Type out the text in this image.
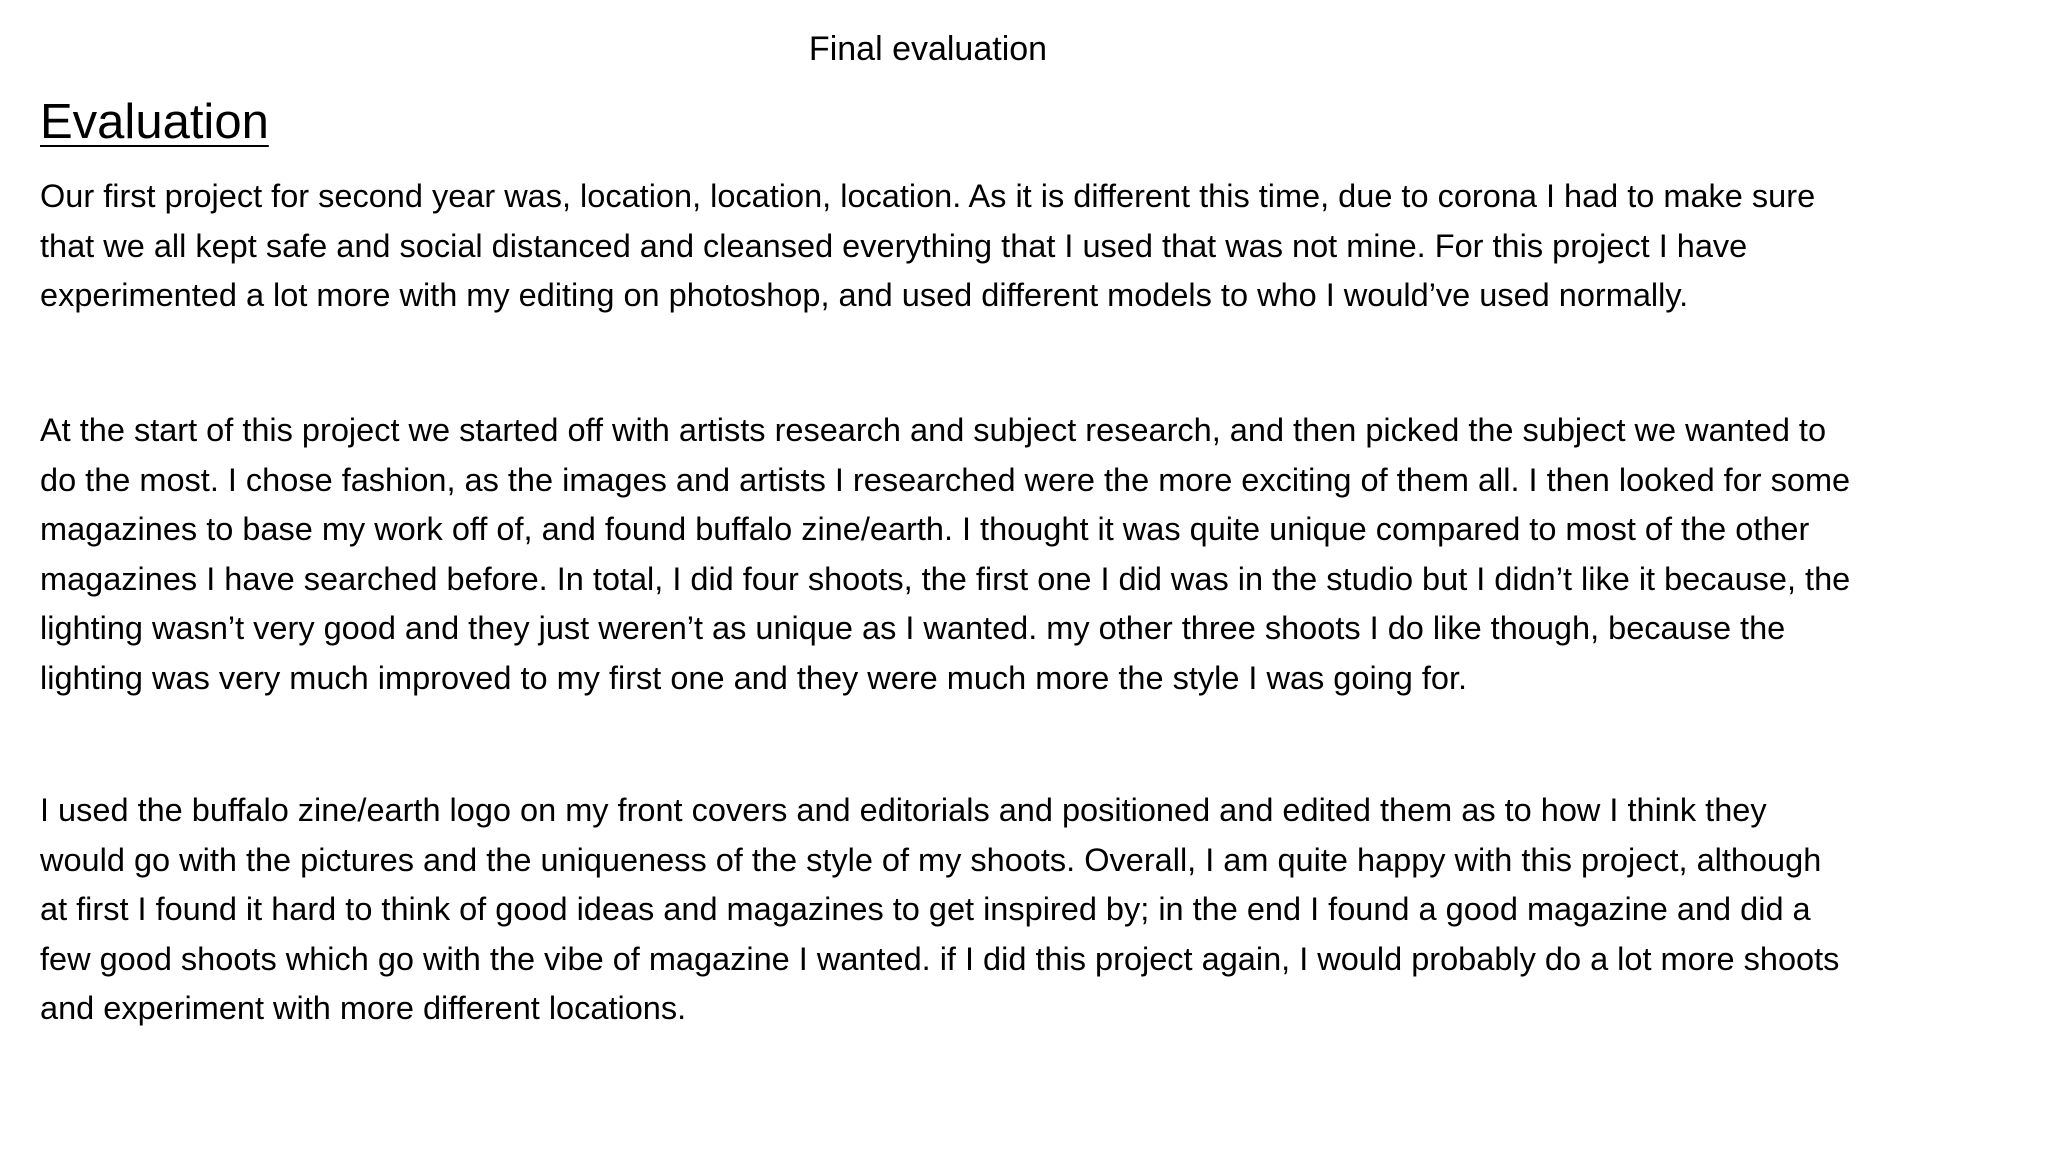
Final evaluation
Evaluation

Our first project for second year was, location, location, location. As it is different this time, due to corona I had to make sure
that we all kept safe and social distanced and cleansed everything that I used that was not mine. For this project I have
experimented a lot more with my editing on photoshop, and used different models to who I would’ve used normally.

At the start of this project we started off with artists research and subject research, and then picked the subject we wanted to
do the most. I chose fashion, as the images and artists I researched were the more exciting of them all. I then looked for some
magazines to base my work off of, and found buffalo zine/earth. I thought it was quite unique compared to most of the other
magazines I have searched before. In total, I did four shoots, the first one I did was in the studio but I didn’t like it because, the
lighting wasn’t very good and they just weren’t as unique as I wanted. my other three shoots I do like though, because the
lighting was very much improved to my first one and they were much more the style I was going for.

I used the buffalo zine/earth logo on my front covers and editorials and positioned and edited them as to how I think they
would go with the pictures and the uniqueness of the style of my shoots. Overall, I am quite happy with this project, although
at first I found it hard to think of good ideas and magazines to get inspired by; in the end I found a good magazine and did a
few good shoots which go with the vibe of magazine I wanted. if I did this project again, I would probably do a lot more shoots
and experiment with more different locations.
